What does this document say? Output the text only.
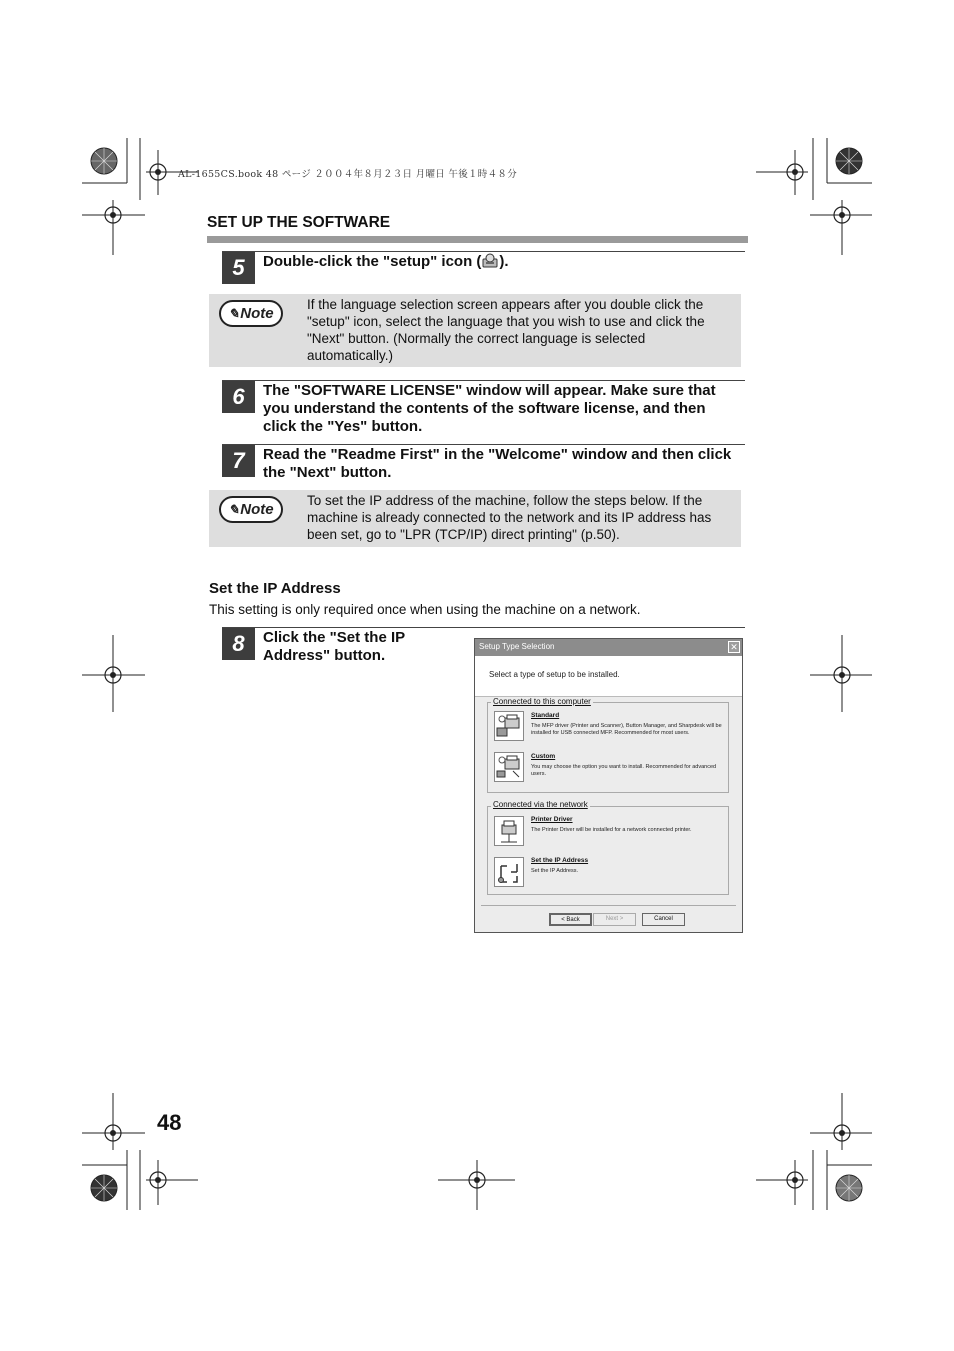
AL-1655CS.book 48 ページ ２００４年８月２３日 月曜日 午後１時４８分
SET UP THE SOFTWARE
5	Double-click the "setup" icon ( ).
✎ Note
If the language selection screen appears after you double click the "setup" icon, select the language that you wish to use and click the "Next" button. (Normally the correct language is selected automatically.)
6	The "SOFTWARE LICENSE" window will appear. Make sure that you understand the contents of the software license, and then click the "Yes" button.
7	Read the "Readme First" in the "Welcome" window and then click the "Next" button.
✎ Note
To set the IP address of the machine, follow the steps below. If the machine is already connected to the network and its IP address has been set, go to "LPR (TCP/IP) direct printing" (p.50).
Set the IP Address
This setting is only required once when using the machine on a network.
8	Click the "Set the IP Address" button.
Setup Type Selection	✕
Select a type of setup to be installed.
Connected to this computer
Standard
The MFP driver (Printer and Scanner), Button Manager, and Sharpdesk will be installed for USB connected MFP. Recommended for most users.
Custom
You may choose the option you want to install. Recommended for advanced users.
Connected via the network
Printer Driver
The Printer Driver will be installed for a network connected printer.
Set the IP Address
Set the IP Address.
< Back	Next >	Cancel
48
